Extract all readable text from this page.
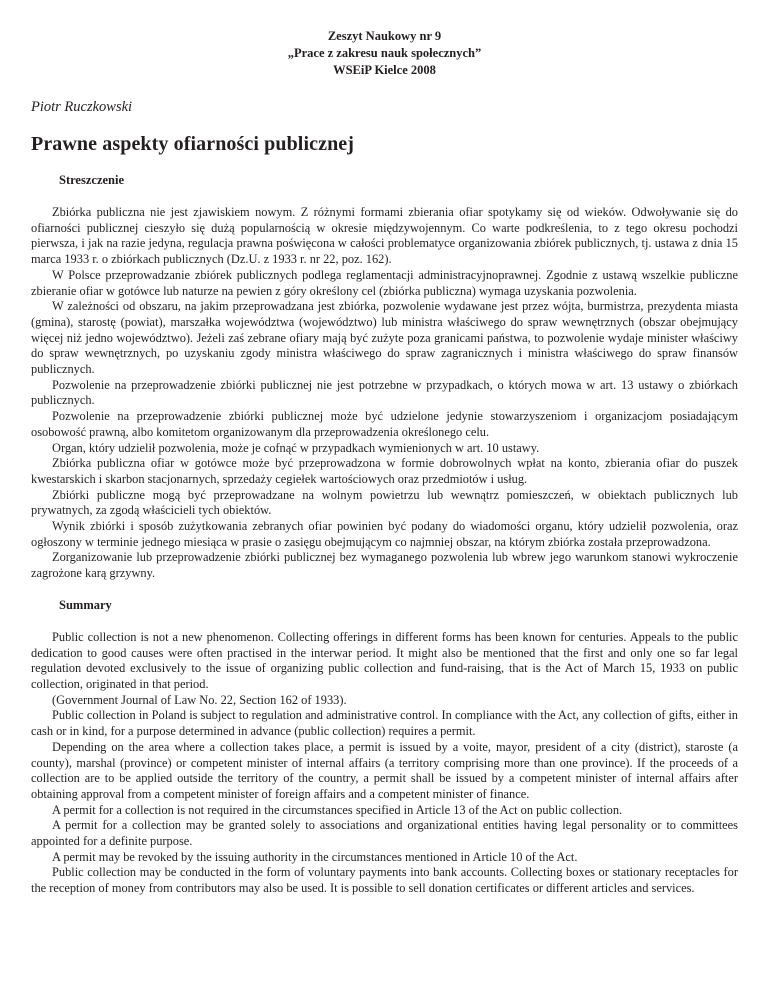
Zeszyt Naukowy nr 9
„Prace z zakresu nauk społecznych”
WSEiP Kielce 2008
Piotr Ruczkowski
Prawne aspekty ofiarności publicznej
Streszczenie

Zbiórka publiczna nie jest zjawiskiem nowym. Z różnymi formami zbierania ofiar spotykamy się od wieków. Odwoływanie się do ofiarności publicznej cieszyło się dużą popularnością w okresie międzywojennym. Co warte podkreślenia, to z tego okresu pochodzi pierwsza, i jak na razie jedyna, regulacja prawna poświęcona w całości problematyce organizowania zbiórek publicznych, tj. ustawa z dnia 15 marca 1933 r. o zbiórkach publicznych (Dz.U. z 1933 r. nr 22, poz. 162).

W Polsce przeprowadzanie zbiórek publicznych podlega reglamentacji administracyjnoprawnej. Zgodnie z ustawą wszelkie publiczne zbieranie ofiar w gotówce lub naturze na pewien z góry określony cel (zbiórka publiczna) wymaga uzyskania pozwolenia.

W zależności od obszaru, na jakim przeprowadzana jest zbiórka, pozwolenie wydawane jest przez wójta, burmistrza, prezydenta miasta (gmina), starostę (powiat), marszałka województwa (województwo) lub ministra właściwego do spraw wewnętrznych (obszar obejmujący więcej niż jedno województwo). Jeżeli zaś zebrane ofiary mają być zużyte poza granicami państwa, to pozwolenie wydaje minister właściwy do spraw wewnętrznych, po uzyskaniu zgody ministra właściwego do spraw zagranicznych i ministra właściwego do spraw finansów publicznych.

Pozwolenie na przeprowadzenie zbiórki publicznej nie jest potrzebne w przypadkach, o których mowa w art. 13 ustawy o zbiórkach publicznych.

Pozwolenie na przeprowadzenie zbiórki publicznej może być udzielone jedynie stowarzyszeniom i organizacjom posiadającym osobowość prawną, albo komitetom organizowanym dla przeprowadzenia określonego celu.

Organ, który udzielił pozwolenia, może je cofnąć w przypadkach wymienionych w art. 10 ustawy.

Zbiórka publiczna ofiar w gotówce może być przeprowadzona w formie dobrowolnych wpłat na konto, zbierania ofiar do puszek kwestarskich i skarbon stacjonarnych, sprzedaży cegiełek wartościowych oraz przedmiotów i usług.

Zbiórki publiczne mogą być przeprowadzane na wolnym powietrzu lub wewnątrz pomieszczeń, w obiektach publicznych lub prywatnych, za zgodą właścicieli tych obiektów.

Wynik zbiórki i sposób zużytkowania zebranych ofiar powinien być podany do wiadomości organu, który udzielił pozwolenia, oraz ogłoszony w terminie jednego miesiąca w prasie o zasięgu obejmującym co najmniej obszar, na którym zbiórka została przeprowadzona.

Zorganizowanie lub przeprowadzenie zbiórki publicznej bez wymaganego pozwolenia lub wbrew jego warunkom stanowi wykroczenie zagrożone karą grzywny.

Summary

Public collection is not a new phenomenon. Collecting offerings in different forms has been known for centuries. Appeals to the public dedication to good causes were often practised in the interwar period. It might also be mentioned that the first and only one so far legal regulation devoted exclusively to the issue of organizing public collection and fund-raising, that is the Act of March 15, 1933 on public collection, originated in that period.

(Government Journal of Law No. 22, Section 162 of 1933).

Public collection in Poland is subject to regulation and administrative control. In compliance with the Act, any collection of gifts, either in cash or in kind, for a purpose determined in advance (public collection) requires a permit.

Depending on the area where a collection takes place, a permit is issued by a voite, mayor, president of a city (district), staroste (a county), marshal (province) or competent minister of internal affairs (a territory comprising more than one province). If the proceeds of a collection are to be applied outside the territory of the country, a permit shall be issued by a competent minister of internal affairs after obtaining approval from a competent minister of foreign affairs and a competent minister of finance.

A permit for a collection is not required in the circumstances specified in Article 13 of the Act on public collection.

A permit for a collection may be granted solely to associations and organizational entities having legal personality or to committees appointed for a definite purpose.

A permit may be revoked by the issuing authority in the circumstances mentioned in Article 10 of the Act.

Public collection may be conducted in the form of voluntary payments into bank accounts. Collecting boxes or stationary receptacles for the reception of money from contributors may also be used. It is possible to sell donation certificates or different articles and services.
